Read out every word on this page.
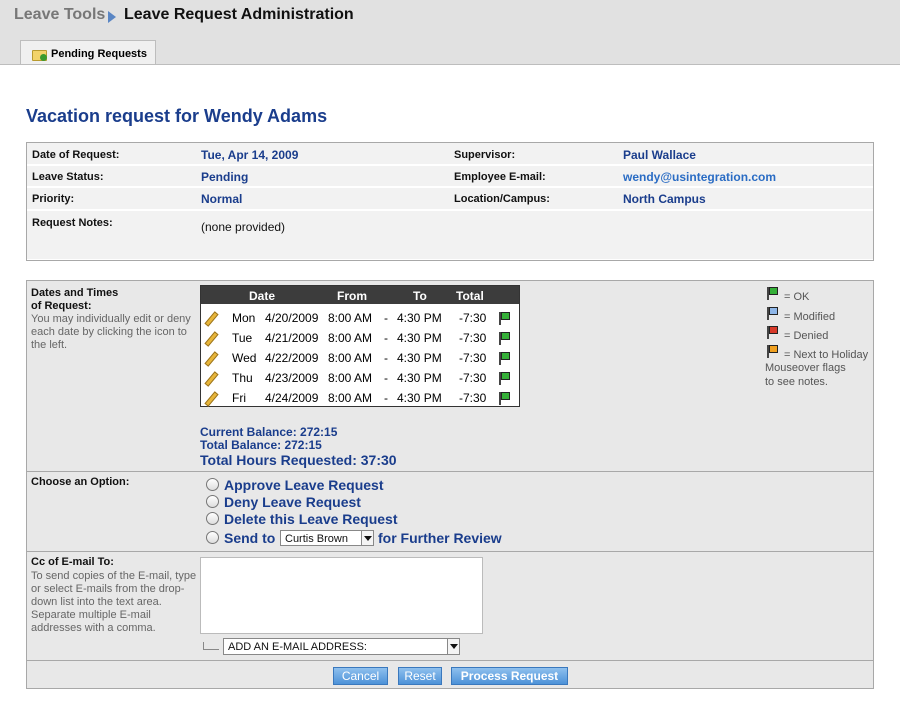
Leave Tools Leave Request Administration
Pending Requests
Vacation request for Wendy Adams
Date of Request:	Tue, Apr 14, 2009	Supervisor:	Paul Wallace
Leave Status:	Pending	Employee E-mail:	wendy@usintegration.com
Priority:	Normal	Location/Campus:	North Campus
Request Notes:	(none provided)
Dates and Times
of Request:
You may individually edit or deny each date by clicking the icon to the left.
Date	From	To Total
Mon 4/20/2009 8:00 AM - 4:30 PM -7:30
Tue 4/21/2009 8:00 AM - 4:30 PM -7:30
Wed 4/22/2009 8:00 AM - 4:30 PM -7:30
Thu 4/23/2009 8:00 AM - 4:30 PM -7:30
Fri 4/24/2009 8:00 AM - 4:30 PM -7:30
= OK
= Modified
= Denied
= Next to Holiday
Mouseover flags
to see notes.
Current Balance: 272:15
Total Balance: 272:15
Total Hours Requested: 37:30
Choose an Option:	Approve Leave Request
Deny Leave Request
Delete this Leave Request
Send to Curtis Brown	for Further Review
Cc of E-mail To:
To send copies of the E-mail, type or select E-mails from the drop-down list into the text area. Separate multiple E-mail addresses with a comma.
ADD AN E-MAIL ADDRESS:
Cancel	Reset	Process Request
